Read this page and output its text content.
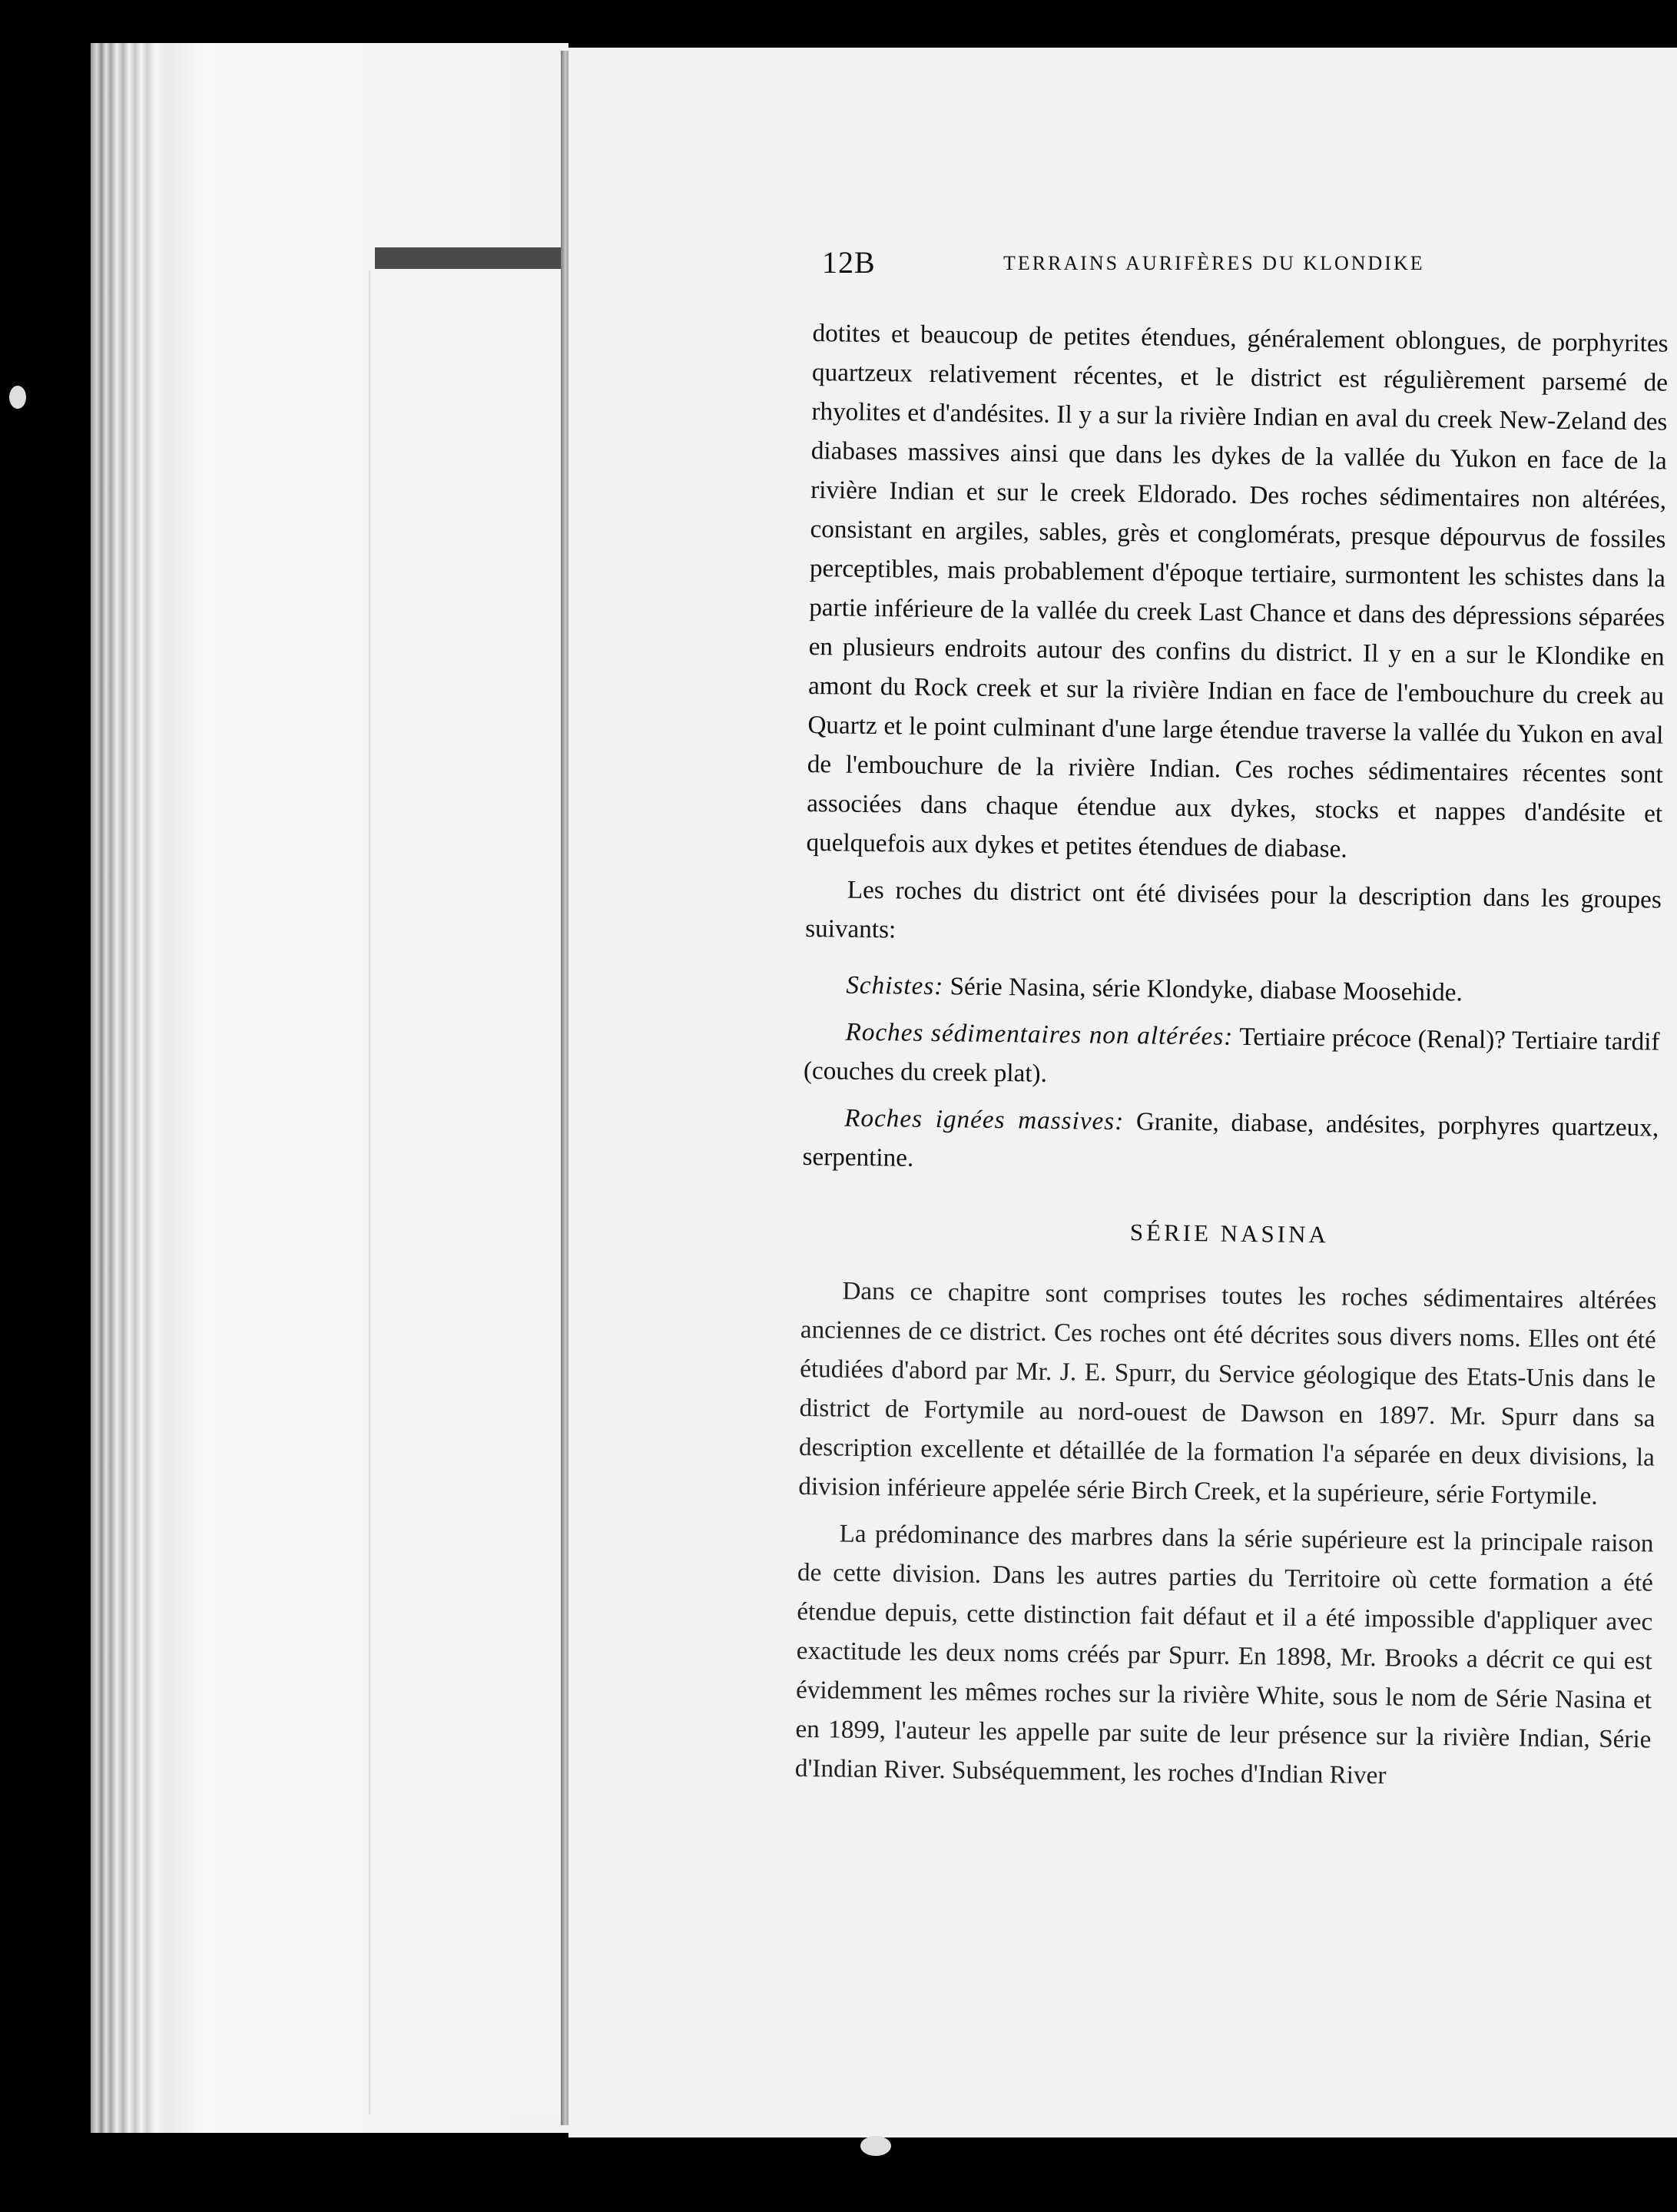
12B	TERRAINS AURIFÈRES DU KLONDIKE

dotites et beaucoup de petites étendues, généralement oblongues, de porphyrites quartzeux relativement récentes, et le district est régulièrement parsemé de rhyolites et d'andésites. Il y a sur la rivière Indian en aval du creek New-Zeland des diabases massives ainsi que dans les dykes de la vallée du Yukon en face de la rivière Indian et sur le creek Eldorado. Des roches sédimentaires non altérées, consistant en argiles, sables, grès et conglomérats, presque dépourvus de fossiles perceptibles, mais probablement d'époque tertiaire, surmontent les schistes dans la partie inférieure de la vallée du creek Last Chance et dans des dépressions séparées en plusieurs endroits autour des confins du district. Il y en a sur le Klondike en amont du Rock creek et sur la rivière Indian en face de l'embouchure du creek au Quartz et le point culminant d'une large étendue traverse la vallée du Yukon en aval de l'embouchure de la rivière Indian. Ces roches sédimentaires récentes sont associées dans chaque étendue aux dykes, stocks et nappes d'andésite et quelquefois aux dykes et petites étendues de diabase.

Les roches du district ont été divisées pour la description dans les groupes suivants:

Schistes: Série Nasina, série Klondyke, diabase Moosehide.

Roches sédimentaires non altérées: Tertiaire précoce (Renal)? Tertiaire tardif (couches du creek plat).

Roches ignées massives: Granite, diabase, andésites, porphyres quartzeux, serpentine.

SÉRIE NASINA

Dans ce chapitre sont comprises toutes les roches sédimentaires altérées anciennes de ce district. Ces roches ont été décrites sous divers noms. Elles ont été étudiées d'abord par Mr. J. E. Spurr, du Service géologique des Etats-Unis dans le district de Fortymile au nord-ouest de Dawson en 1897. Mr. Spurr dans sa description excellente et détaillée de la formation l'a séparée en deux divisions, la division inférieure appelée série Birch Creek, et la supérieure, série Fortymile.

La prédominance des marbres dans la série supérieure est la principale raison de cette division. Dans les autres parties du Territoire où cette formation a été étendue depuis, cette distinction fait défaut et il a été impossible d'appliquer avec exactitude les deux noms créés par Spurr. En 1898, Mr. Brooks a décrit ce qui est évidemment les mêmes roches sur la rivière White, sous le nom de Série Nasina et en 1899, l'auteur les appelle par suite de leur présence sur la rivière Indian, Série d'Indian River. Subséquemment, les roches d'Indian River
